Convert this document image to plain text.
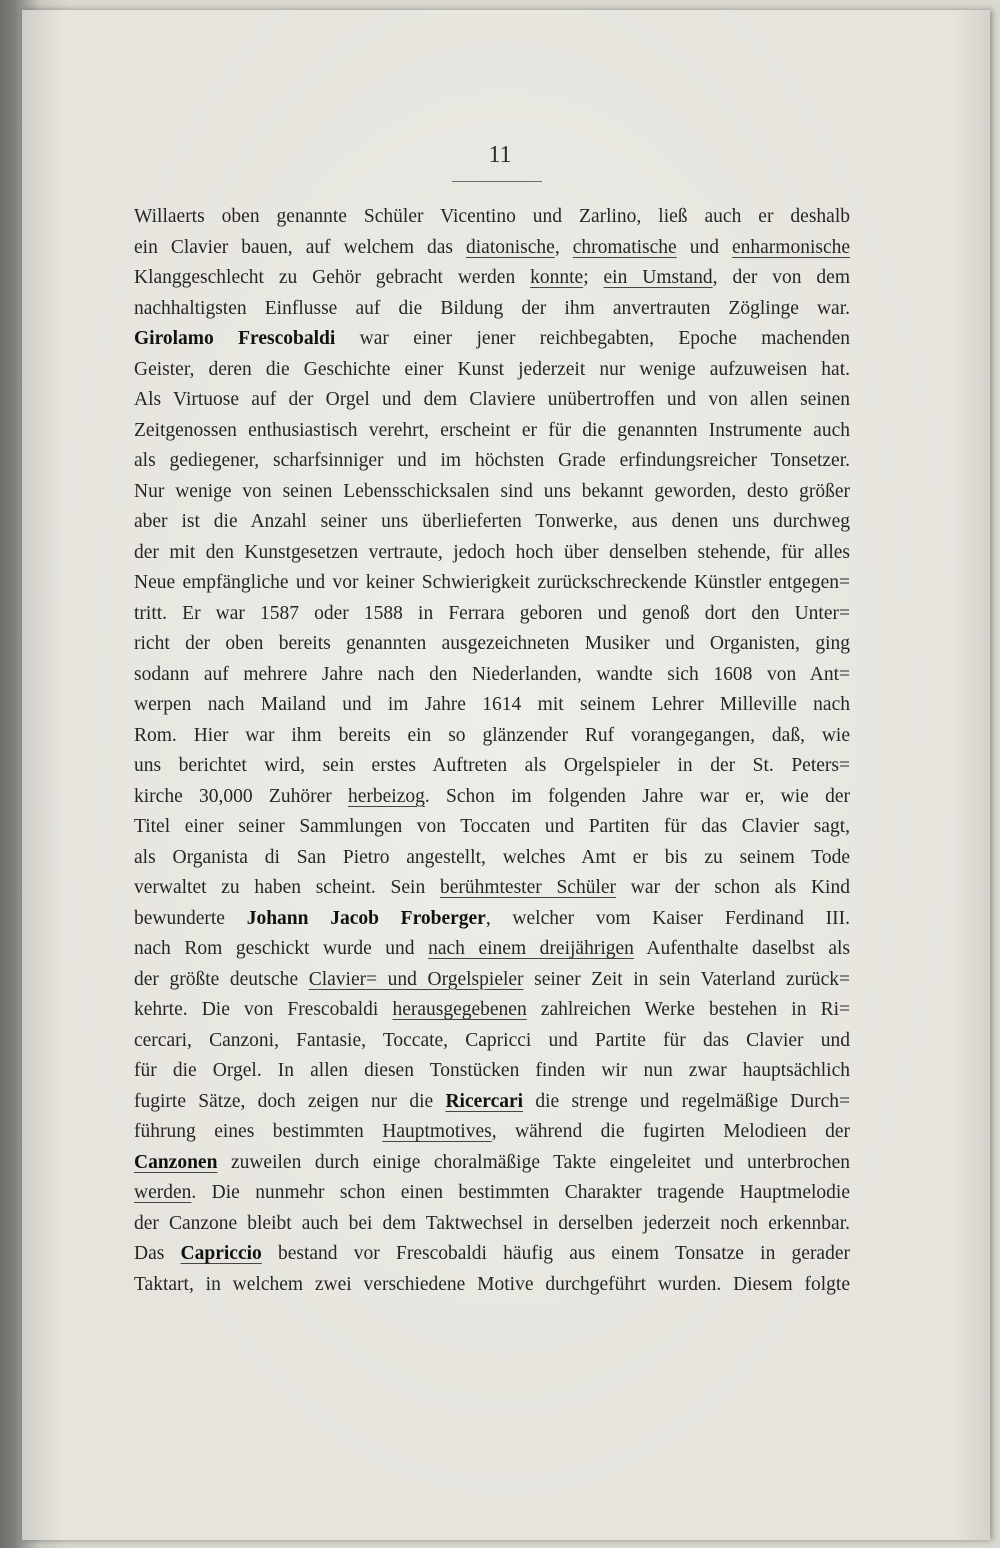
11
Willaerts oben genannte Schüler Vicentino und Zarlino, ließ auch er deshalb
ein Clavier bauen, auf welchem das diatonische, chromatische und enharmonische
Klanggeschlecht zu Gehör gebracht werden konnte; ein Umstand, der von dem
nachhaltigsten Einflusse auf die Bildung der ihm anvertrauten Zöglinge war.
Girolamo Frescobaldi war einer jener reichbegabten, Epoche machenden
Geister, deren die Geschichte einer Kunst jederzeit nur wenige aufzuweisen hat.
Als Virtuose auf der Orgel und dem Claviere unübertroffen und von allen seinen
Zeitgenossen enthusiastisch verehrt, erscheint er für die genannten Instrumente auch
als gediegener, scharfsinniger und im höchsten Grade erfindungsreicher Tonsetzer.
Nur wenige von seinen Lebensschicksalen sind uns bekannt geworden, desto größer
aber ist die Anzahl seiner uns überlieferten Tonwerke, aus denen uns durchweg
der mit den Kunstgesetzen vertraute, jedoch hoch über denselben stehende, für alles
Neue empfängliche und vor keiner Schwierigkeit zurückschreckende Künstler entgegen=
tritt. Er war 1587 oder 1588 in Ferrara geboren und genoß dort den Unter=
richt der oben bereits genannten ausgezeichneten Musiker und Organisten, ging
sodann auf mehrere Jahre nach den Niederlanden, wandte sich 1608 von Ant=
werpen nach Mailand und im Jahre 1614 mit seinem Lehrer Milleville nach
Rom. Hier war ihm bereits ein so glänzender Ruf vorangegangen, daß, wie
uns berichtet wird, sein erstes Auftreten als Orgelspieler in der St. Peters=
kirche 30,000 Zuhörer herbeizog. Schon im folgenden Jahre war er, wie der
Titel einer seiner Sammlungen von Toccaten und Partiten für das Clavier sagt,
als Organista di San Pietro angestellt, welches Amt er bis zu seinem Tode
verwaltet zu haben scheint. Sein berühmtester Schüler war der schon als Kind
bewunderte Johann Jacob Froberger, welcher vom Kaiser Ferdinand III.
nach Rom geschickt wurde und nach einem dreijährigen Aufenthalte daselbst als
der größte deutsche Clavier= und Orgelspieler seiner Zeit in sein Vaterland zurück=
kehrte. Die von Frescobaldi herausgegebenen zahlreichen Werke bestehen in Ri=
cercari, Canzoni, Fantasie, Toccate, Capricci und Partite für das Clavier und
für die Orgel. In allen diesen Tonstücken finden wir nun zwar hauptsächlich
fugirte Sätze, doch zeigen nur die Ricercari die strenge und regelmäßige Durch=
führung eines bestimmten Hauptmotives, während die fugirten Melodieen der
Canzonen zuweilen durch einige choralmäßige Takte eingeleitet und unterbrochen
werden. Die nunmehr schon einen bestimmten Charakter tragende Hauptmelodie
der Canzone bleibt auch bei dem Taktwechsel in derselben jederzeit noch erkennbar.
Das Capriccio bestand vor Frescobaldi häufig aus einem Tonsatze in gerader
Taktart, in welchem zwei verschiedene Motive durchgeführt wurden. Diesem folgte
